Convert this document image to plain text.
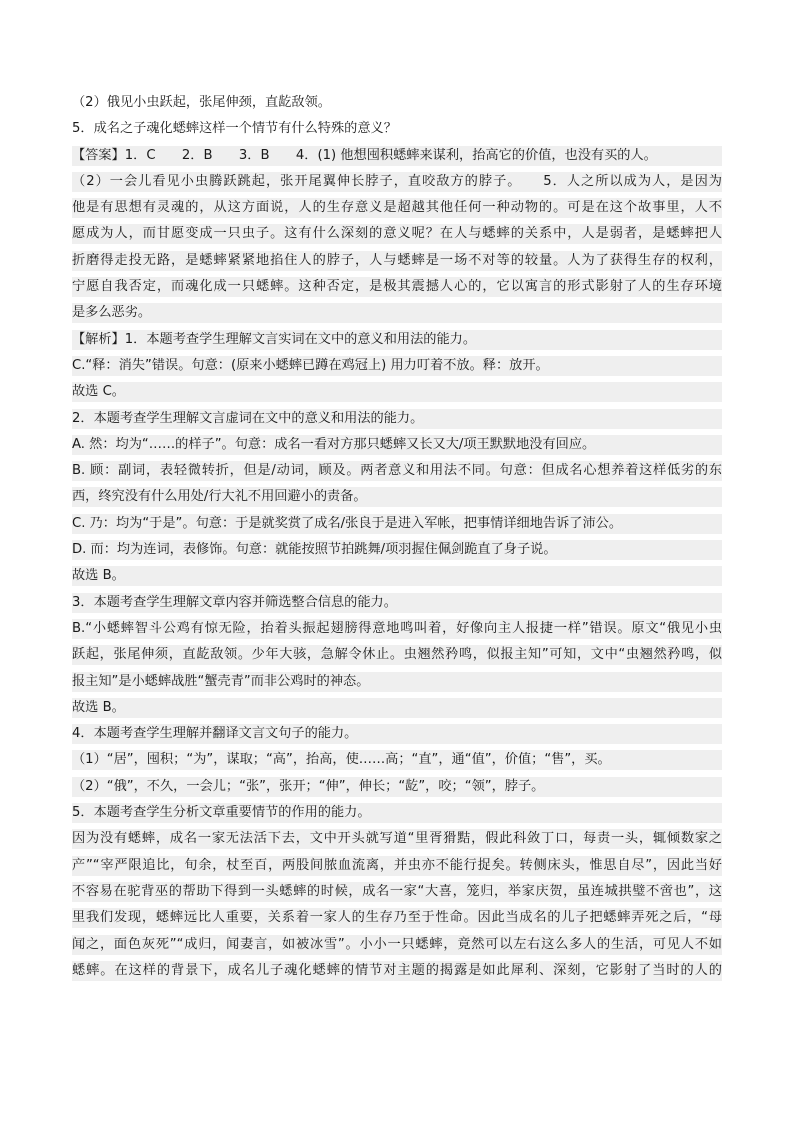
（2）俄见小虫跃起，张尾伸颈，直龁敌领。
5．成名之子魂化蟋蟀这样一个情节有什么特殊的意义？
【答案】1．C　　2．B　　3．B　　4．(1) 他想囤积蟋蟀来谋利，抬高它的价值，也没有买的人。
（2）一会儿看见小虫腾跃跳起，张开尾翼伸长脖子，直咬敌方的脖子。　　5．人之所以成为人，是因为
他是有思想有灵魂的，从这方面说，人的生存意义是超越其他任何一种动物的。可是在这个故事里，人不
愿成为人，而甘愿变成一只虫子。这有什么深刻的意义呢？在人与蟋蟀的关系中，人是弱者，是蟋蟀把人
折磨得走投无路，是蟋蟀紧紧地掐住人的脖子，人与蟋蟀是一场不对等的较量。人为了获得生存的权利，
宁愿自我否定，而魂化成一只蟋蟀。这种否定，是极其震撼人心的，它以寓言的形式影射了人的生存环境
是多么恶劣。
【解析】1．本题考查学生理解文言实词在文中的意义和用法的能力。
C.“释：消失”错误。句意：(原来小蟋蟀已蹲在鸡冠上) 用力叮着不放。释：放开。
故选 C。
2．本题考查学生理解文言虚词在文中的意义和用法的能力。
A. 然：均为“……的样子”。句意：成名一看对方那只蟋蟀又长又大/项王默默地没有回应。
B. 顾：副词，表轻微转折，但是/动词，顾及。两者意义和用法不同。句意：但成名心想养着这样低劣的东
西，终究没有什么用处/行大礼不用回避小的责备。
C. 乃：均为“于是”。句意：于是就奖赏了成名/张良于是进入军帐，把事情详细地告诉了沛公。
D. 而：均为连词，表修饰。句意：就能按照节拍跳舞/项羽握住佩剑跪直了身子说。
故选 B。
3．本题考查学生理解文章内容并筛选整合信息的能力。
B.“小蟋蟀智斗公鸡有惊无险，抬着头振起翅膀得意地鸣叫着，好像向主人报捷一样”错误。原文“俄见小虫
跃起，张尾伸须，直龁敌领。少年大骇，急解令休止。虫翘然矜鸣，似报主知”可知，文中“虫翘然矜鸣，似
报主知”是小蟋蟀战胜“蟹壳青”而非公鸡时的神态。
故选 B。
4．本题考查学生理解并翻译文言文句子的能力。
（1）“居”，囤积；“为”，谋取；“高”，抬高，使……高；“直”，通“值”，价值；“售”，买。
（2）“俄”，不久，一会儿；“张”，张开；“伸”，伸长；“龁”，咬；“领”，脖子。
5．本题考查学生分析文章重要情节的作用的能力。
因为没有蟋蟀，成名一家无法活下去，文中开头就写道“里胥猾黠，假此科敛丁口，每责一头，辄倾数家之
产”“宰严限追比，旬余，杖至百，两股间脓血流离，并虫亦不能行捉矣。转侧床头，惟思自尽”，因此当好
不容易在驼背巫的帮助下得到一头蟋蟀的时候，成名一家“大喜，笼归，举家庆贺，虽连城拱璧不啻也”，这
里我们发现，蟋蟀远比人重要，关系着一家人的生存乃至于性命。因此当成名的儿子把蟋蟀弄死之后，“母
闻之，面色灰死”“成归，闻妻言，如被冰雪”。小小一只蟋蟀，竟然可以左右这么多人的生活，可见人不如
蟋蟀。在这样的背景下，成名儿子魂化蟋蟀的情节对主题的揭露是如此犀利、深刻，它影射了当时的人的
